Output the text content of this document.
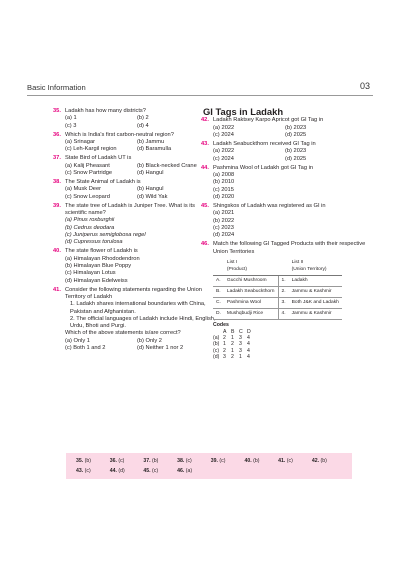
Basic Information	03
35. Ladakh has how many districts?
(a) 1	(b) 2
(c) 3	(d) 4
36. Which is India's first carbon-neutral region?
(a) Srinagar	(b) Jammu
(c) Leh-Kargil region	(d) Baramulla
37. State Bird of Ladakh UT is
(a) Kalij Pheasant	(b) Black-necked Crane
(c) Snow Partridge	(d) Hangul
38. The State Animal of Ladakh is
(a) Musk Deer	(b) Hangul
(c) Snow Leopard	(d) Wild Yak
39. The state tree of Ladakh is Juniper Tree. What is its scientific name?
(a) Pinus roxburghii
(b) Cedrus deodara
(c) Juniperus semiglobosa regel
(d) Cupressus torulosa
40. The state flower of Ladakh is
(a) Himalayan Rhododendron
(b) Himalayan Blue Poppy
(c) Himalayan Lotus
(d) Himalayan Edelweiss
41. Consider the following statements regarding the Union Territory of Ladakh
1. Ladakh shares international boundaries with China, Pakistan and Afghanistan.
2. The official languages of Ladakh include Hindi, English, Urdu, Bhoti and Purgi.
Which of the above statements is/are correct?
(a) Only 1	(b) Only 2
(c) Both 1 and 2	(d) Neither 1 nor 2
GI Tags in Ladakh
42. Ladakh Raktsey Karpo Apricot got GI Tag in
(a) 2022	(b) 2023
(c) 2024	(d) 2025
43. Ladakh Seabuckthorn received GI Tag in
(a) 2022	(b) 2023
(c) 2024	(d) 2025
44. Pashmina Wool of Ladakh got GI Tag in
(a) 2008
(b) 2010
(c) 2015
(d) 2020
45. Shingskos of Ladakh was registered as GI in
(a) 2021
(b) 2022
(c) 2023
(d) 2024
46. Match the following GI Tagged Products with their respective Union Territories
	List I
(Product)		List II
(Union Territory)
A.	Gucchi Mushroom	1.	Ladakh
B.	Ladakh Seabuckthorn	2.	Jammu & Kashmir
C.	Pashmina Wool	3.	Both J&K and Ladakh
D.	Mushqbudji Rice	4.	Jammu & Kashmir
Codes
A B C D
(a) 2 1 3 4
(b) 1 2 3 4
(c) 2 1 3 4
(d) 3 2 1 4
35. (b)	36. (c)	37. (b)	38. (c)	39. (c)	40. (b)	41. (c)	42. (b)
43. (c)	44. (d)	45. (c)	46. (a)
